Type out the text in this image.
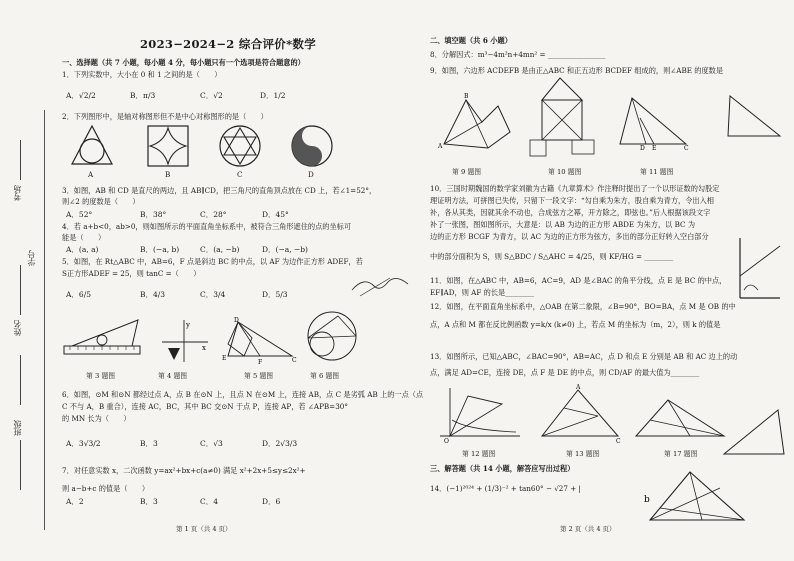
考场
学号
姓名
班级
2023−2024−2 综合评价*数学
一、选择题（共 7 小题，每小题 4 分，每小题只有一个选项是符合题意的）
1．下列实数中，大小在 0 和 1 之间的是（　　）
A．√2/2	B．π/3	C．√2	D．1/2
2．下列图形中，是轴对称图形但不是中心对称图形的是（　　）
A	B	C	D
3．如图，AB 和 CD 是直尺的两边，且 AB∥CD，把三角尺的直角顶点放在 CD 上，若∠1=52°，
则∠2 的度数是（　　）
A．52°	B．38°	C．28°	D．45°
4．若 a+b<0，ab>0，则如图所示的平面直角坐标系中，被符合三角形遮住的点的坐标可
能是（　　）
A．(a, a)	B．(−a, b)	C．(a, −b)	D．(−a, −b)
5．如图，在 Rt△ABC 中，AB=6，F 点是斜边 BC 的中点，以 AF 为边作正方形 ADEF，若
S正方形ADEF = 25，则 tanC =（　　）
A．6/5	B．4/3	C．3/4	D．5/3
y
x
D
E
F	C
第 3 题图	第 4 题图	第 5 题图	第 6 题图
6．如图，⊙M 和⊙N 都经过点 A，点 B 在⊙N 上，且点 N 在⊙M 上，连接 AB，点 C 是劣弧 AB 上的一点（点
C 不与 A，B 重合），连接 AC，BC，其中 BC 交⊙N 于点 P，连接 AP，若 ∠APB=30°
的 MN 长为（　　）
A．3√3/2	B．3	C．√3	D．2√3/3
7．对任意实数 x，二次函数 y=ax²+bx+c(a≠0) 满足 x²+2x+5≤y≤2x²+
则 a−b+c 的值是（　　）
A．2	B．3	C．4	D．6
第 1 页（共 4 页）
二、填空题（共 6 小题）
8．分解因式：m³−4m²n+4mn² = ________________
9．如图，六边形 ACDEFB 是由正△ABC 和正五边形 BCDEF 组成的，则∠ABE 的度数是
A
B
D E	C
第 9 题图	第 10 题图	第 11 题图
10．三国时期魏国的数学家刘徽为古籍《九章算术》作注释时提出了一个以形证数的勾股定
理证明方法，可拼图已失传，只留下一段文字：“勾自乘为朱方，股自乘为青方，令出入相
补，各从其类，因就其余不动也，合成弦方之幂，开方除之，即弦也。”后人根据该段文字
补了一张图，图如图所示，大意是：以 AB 为边的正方形 ABDE 为朱方，以 BC 为
边的正方形 BCGF 为青方，以 AC 为边的正方形为弦方，多出的部分正好转入空白部分
中的部分面积为 S，则 S△BDC / S△AHC = 4/25，则 KF/HG = ________
11．如图，在△ABC 中，AB=6，AC=9，AD 是∠BAC 的角平分线，点 E 是 BC 的中点，
EF∥AD，则 AF 的长是________
12．如图，在平面直角坐标系中，△OAB 在第二象限，∠B=90°，BO=BA，点 M 是 OB 的中
点，A 点和 M 都在反比例函数 y=k/x (k≠0) 上，若点 M 的坐标为（m，2），则 k 的值是
13．如图所示，已知△ABC，∠BAC=90°，AB=AC，点 D 和点 E 分别是 AB 和 AC 边上的动
点，满足 AD=CE，连接 DE，点 F 是 DE 的中点，则 CD/AF 的最大值为________
O
A
C
第 12 题图	第 13 题图	第 17 题图
三、解答题（共 14 小题，解答应写出过程）
14．(−1)²⁰²⁴ + (1/3)⁻² + tan60° − √27 + |
b
第 2 页（共 4 页）
